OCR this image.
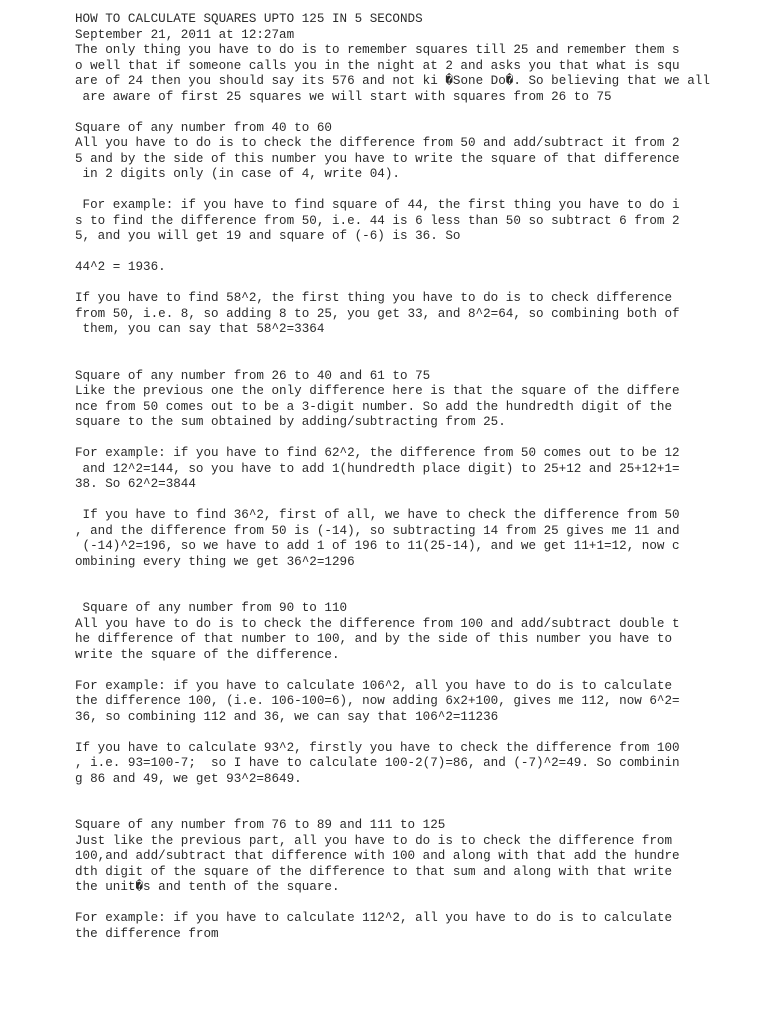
HOW TO CALCULATE SQUARES UPTO 125 IN 5 SECONDS
September 21, 2011 at 12:27am
The only thing you have to do is to remember squares till 25 and remember them s
o well that if someone calls you in the night at 2 and asks you that what is squ
are of 24 then you should say its 576 and not ki �Sone Do�. So believing that we all
are aware of first 25 squares we will start with squares from 26 to 75
Square of any number from 40 to 60
All you have to do is to check the difference from 50 and add/subtract it from 2
5 and by the side of this number you have to write the square of that difference
in 2 digits only (in case of 4, write 04).
For example: if you have to find square of 44, the first thing you have to do i
s to find the difference from 50, i.e. 44 is 6 less than 50 so subtract 6 from 2
5, and you will get 19 and square of (-6) is 36. So
44^2 = 1936.
If you have to find 58^2, the first thing you have to do is to check difference
from 50, i.e. 8, so adding 8 to 25, you get 33, and 8^2=64, so combining both of
them, you can say that 58^2=3364
Square of any number from 26 to 40 and 61 to 75
Like the previous one the only difference here is that the square of the differe
nce from 50 comes out to be a 3-digit number. So add the hundredth digit of the
square to the sum obtained by adding/subtracting from 25.
For example: if you have to find 62^2, the difference from 50 comes out to be 12
and 12^2=144, so you have to add 1(hundredth place digit) to 25+12 and 25+12+1=
38. So 62^2=3844
If you have to find 36^2, first of all, we have to check the difference from 50
, and the difference from 50 is (-14), so subtracting 14 from 25 gives me 11 and
(-14)^2=196, so we have to add 1 of 196 to 11(25-14), and we get 11+1=12, now c
ombining every thing we get 36^2=1296
Square of any number from 90 to 110
All you have to do is to check the difference from 100 and add/subtract double t
he difference of that number to 100, and by the side of this number you have to
write the square of the difference.
For example: if you have to calculate 106^2, all you have to do is to calculate
the difference 100, (i.e. 106-100=6), now adding 6x2+100, gives me 112, now 6^2=
36, so combining 112 and 36, we can say that 106^2=11236
If you have to calculate 93^2, firstly you have to check the difference from 100
, i.e. 93=100-7;  so I have to calculate 100-2(7)=86, and (-7)^2=49. So combinin
g 86 and 49, we get 93^2=8649.
Square of any number from 76 to 89 and 111 to 125
Just like the previous part, all you have to do is to check the difference from
100,and add/subtract that difference with 100 and along with that add the hundre
dth digit of the square of the difference to that sum and along with that write
the unit�s and tenth of the square.
For example: if you have to calculate 112^2, all you have to do is to calculate
the difference from
